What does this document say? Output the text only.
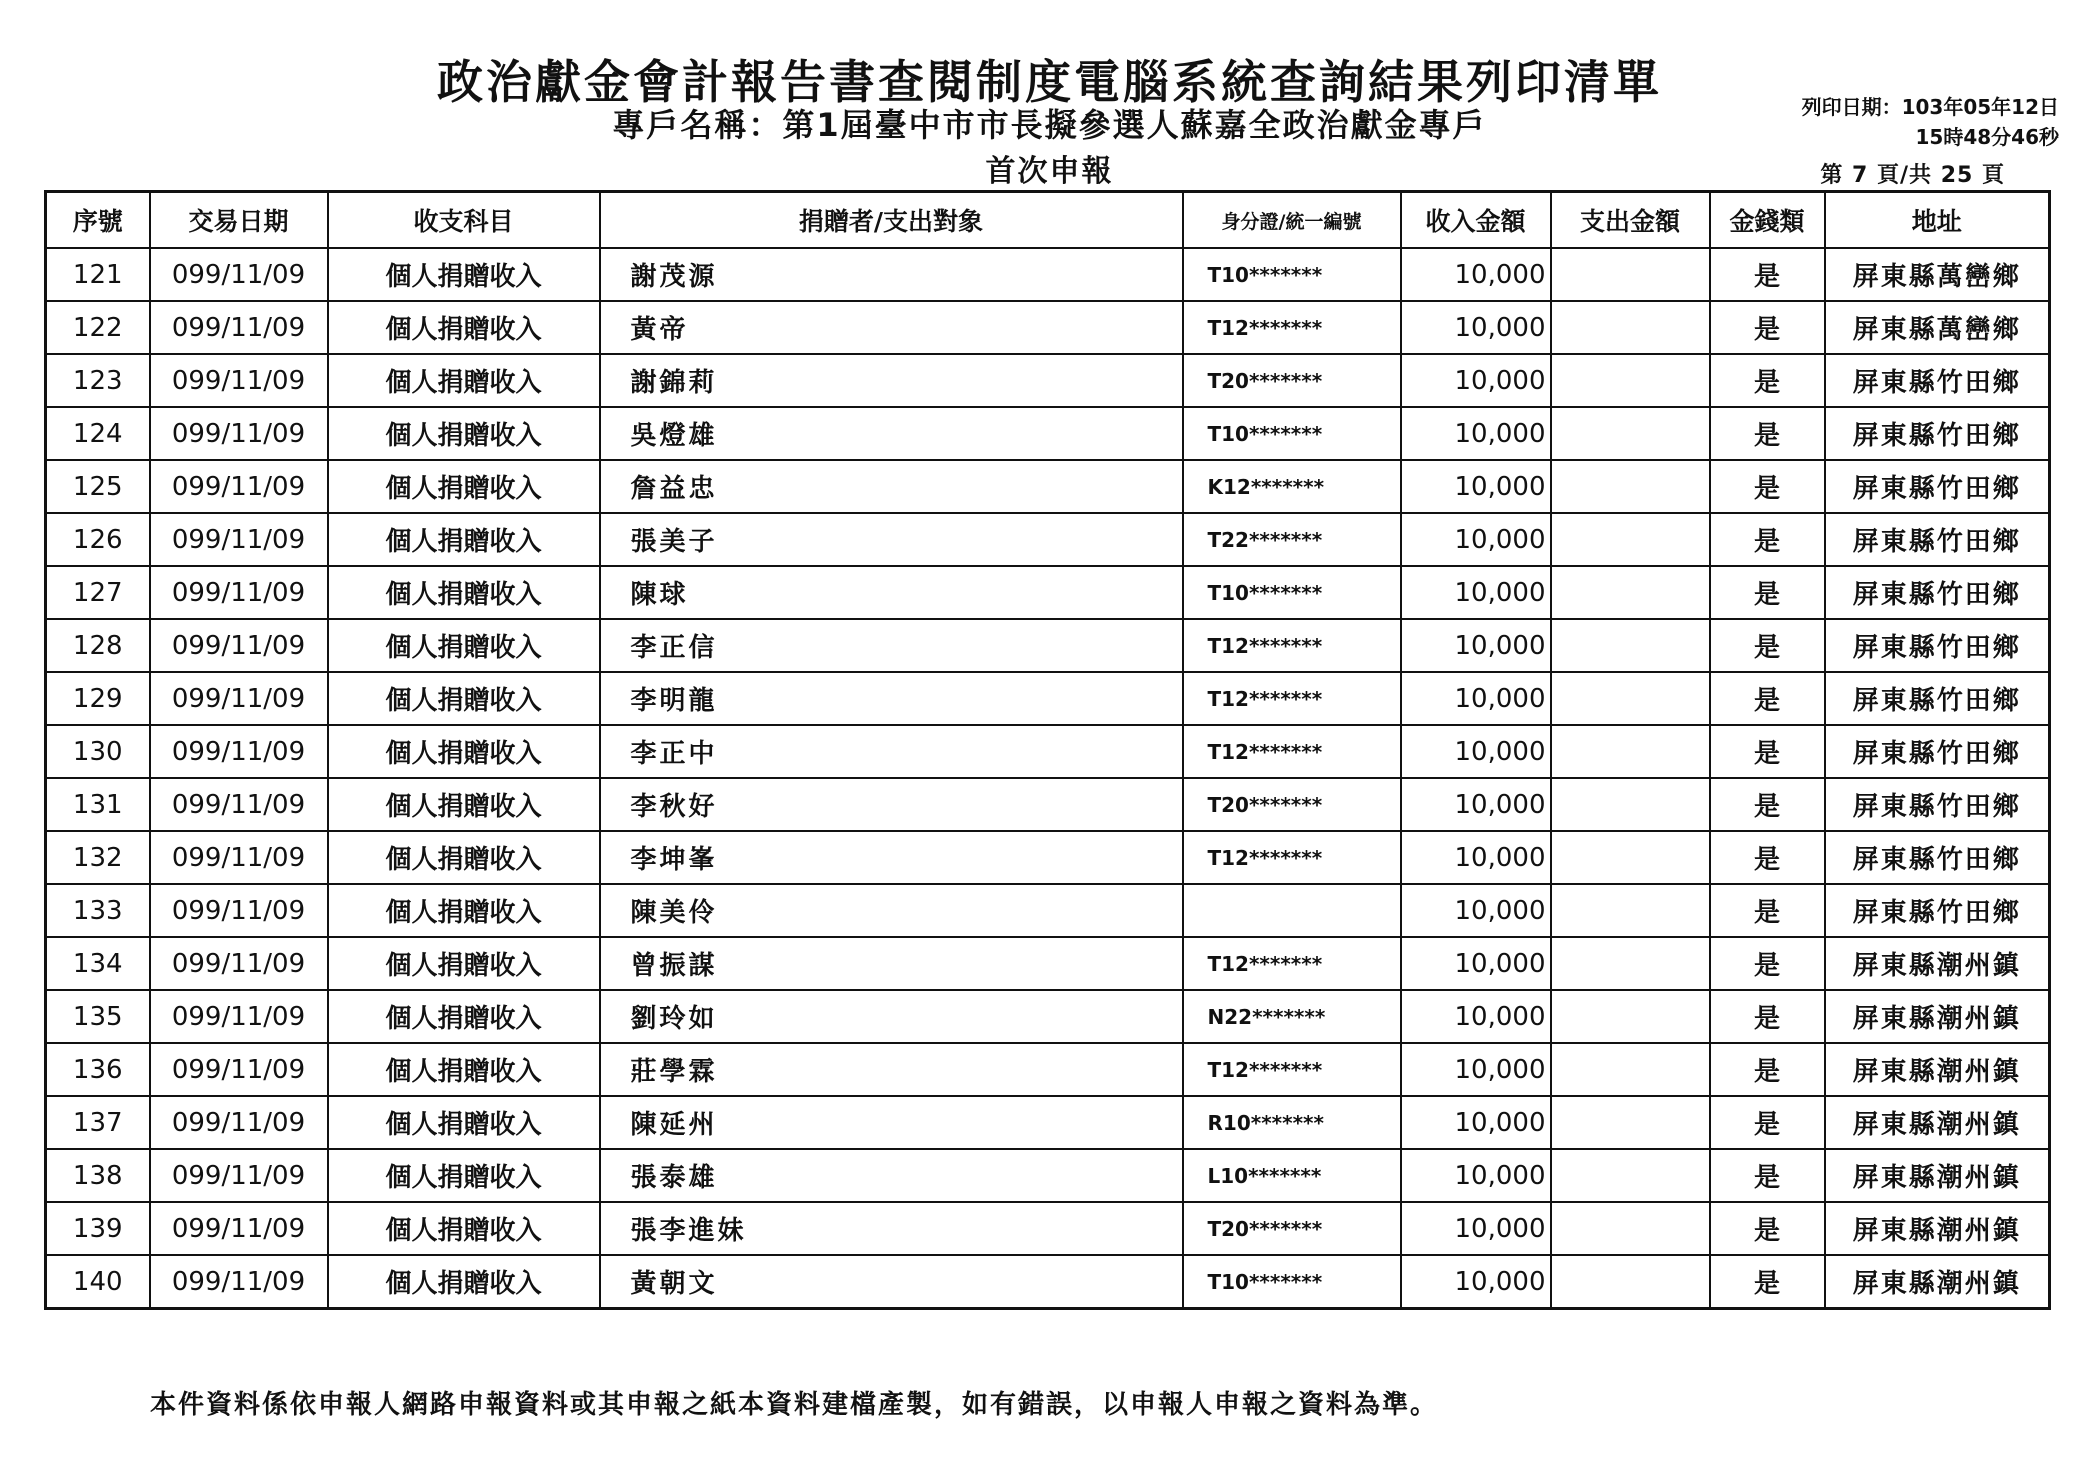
政治獻金會計報告書查閱制度電腦系統查詢結果列印清單
專戶名稱：第1屆臺中市市長擬參選人蘇嘉全政治獻金專戶
首次申報
列印日期：103年05年12日
15時48分46秒
第 7 頁/共 25 頁
序號	交易日期	收支科目	捐贈者/支出對象	身分證/統一編號	收入金額	支出金額	金錢類	地址
121	099/11/09	個人捐贈收入	謝茂源	T10*******	10,000		是	屏東縣萬巒鄉
122	099/11/09	個人捐贈收入	黃帝	T12*******	10,000		是	屏東縣萬巒鄉
123	099/11/09	個人捐贈收入	謝錦莉	T20*******	10,000		是	屏東縣竹田鄉
124	099/11/09	個人捐贈收入	吳燈雄	T10*******	10,000		是	屏東縣竹田鄉
125	099/11/09	個人捐贈收入	詹益忠	K12*******	10,000		是	屏東縣竹田鄉
126	099/11/09	個人捐贈收入	張美子	T22*******	10,000		是	屏東縣竹田鄉
127	099/11/09	個人捐贈收入	陳球	T10*******	10,000		是	屏東縣竹田鄉
128	099/11/09	個人捐贈收入	李正信	T12*******	10,000		是	屏東縣竹田鄉
129	099/11/09	個人捐贈收入	李明龍	T12*******	10,000		是	屏東縣竹田鄉
130	099/11/09	個人捐贈收入	李正中	T12*******	10,000		是	屏東縣竹田鄉
131	099/11/09	個人捐贈收入	李秋好	T20*******	10,000		是	屏東縣竹田鄉
132	099/11/09	個人捐贈收入	李坤峯	T12*******	10,000		是	屏東縣竹田鄉
133	099/11/09	個人捐贈收入	陳美伶		10,000		是	屏東縣竹田鄉
134	099/11/09	個人捐贈收入	曾振謀	T12*******	10,000		是	屏東縣潮州鎮
135	099/11/09	個人捐贈收入	劉玲如	N22*******	10,000		是	屏東縣潮州鎮
136	099/11/09	個人捐贈收入	莊學霖	T12*******	10,000		是	屏東縣潮州鎮
137	099/11/09	個人捐贈收入	陳延州	R10*******	10,000		是	屏東縣潮州鎮
138	099/11/09	個人捐贈收入	張泰雄	L10*******	10,000		是	屏東縣潮州鎮
139	099/11/09	個人捐贈收入	張李進妹	T20*******	10,000		是	屏東縣潮州鎮
140	099/11/09	個人捐贈收入	黃朝文	T10*******	10,000		是	屏東縣潮州鎮
本件資料係依申報人網路申報資料或其申報之紙本資料建檔產製，如有錯誤，以申報人申報之資料為準。
